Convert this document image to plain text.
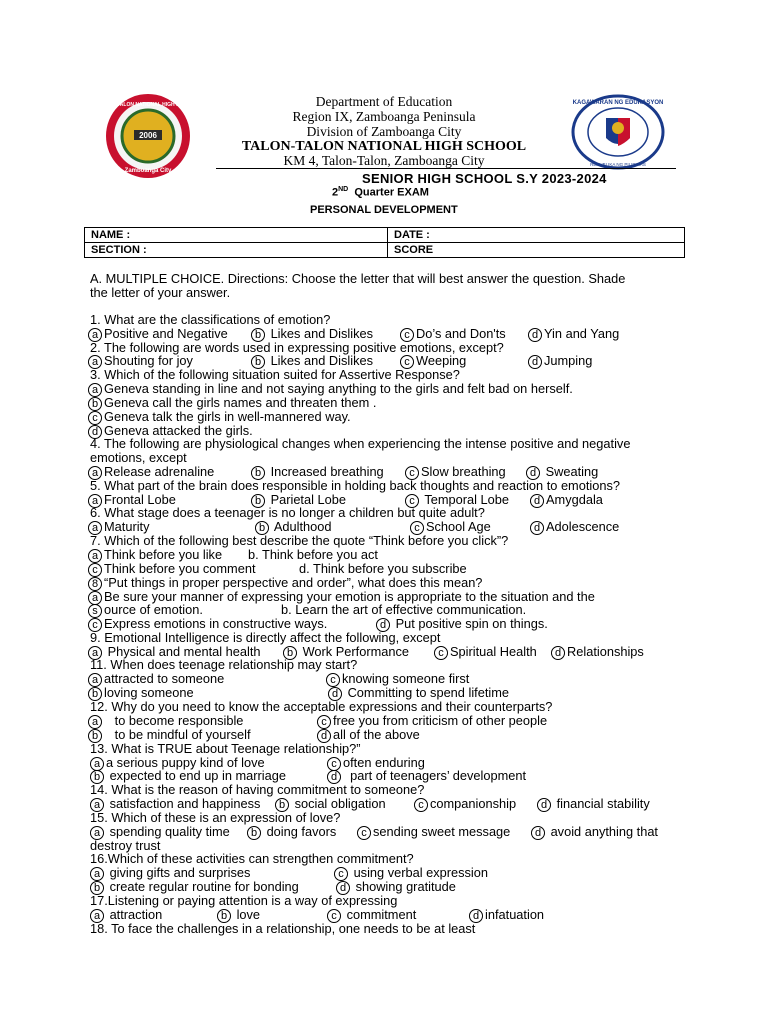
2006
TALON-TALON NATIONAL HIGH SCHOOL
Zamboanga City
KAGAWARAN NG EDUKASYON
REPUBLIKA NG PILIPINAS
Department of Education
Region IX, Zamboanga Peninsula
Division of Zamboanga City
TALON-TALON NATIONAL HIGH SCHOOL
KM 4, Talon-Talon, Zamboanga City
SENIOR HIGH SCHOOL S.Y 2023-2024
2ND Quarter EXAM
PERSONAL DEVELOPMENT
NAME :	DATE :
SECTION :	SCORE
A. MULTIPLE CHOICE. Directions: Choose the letter that will best answer the question. Shade
the letter of your answer.
1. What are the classifications of emotion?
a Positive and Negative	b Likes and Dislikes	c Do’s and Don'ts	d Yin and Yang
2. The following are words used in expressing positive emotions, except?
a Shouting for joy	b Likes and Dislikes	c Weeping	d Jumping
3. Which of the following situation suited for Assertive Response?
a Geneva standing in line and not saying anything to the girls and felt bad on herself.
b Geneva call the girls names and threaten them .
c Geneva talk the girls in well-mannered way.
d Geneva attacked the girls.
4. The following are physiological changes when experiencing the intense positive and negative
emotions, except
a Release adrenaline	b Increased breathing	c Slow breathing	d Sweating
5. What part of the brain does responsible in holding back thoughts and reaction to emotions?
a Frontal Lobe	b Parietal Lobe	c Temporal Lobe	d Amygdala
6. What stage does a teenager is no longer a children but quite adult?
a Maturity	b Adulthood	c School Age	d Adolescence
7. Which of the following best describe the quote “Think before you click”?
a Think before you like b. Think before you act
c Think before you comment	d. Think before you subscribe
8 “Put things in proper perspective and order”, what does this mean?
a Be sure your manner of expressing your emotion is appropriate to the situation and the
s ource of emotion.	b. Learn the art of effective communication.
c Express emotions in constructive ways.	d Put positive spin on things.
9. Emotional Intelligence is directly affect the following, except
a Physical and mental health	b Work Performance	c Spiritual Health	d Relationships
11. When does teenage relationship may start?
a attracted to someone	c knowing someone first
b loving someone	d Committing to spend lifetime
12. Why do you need to know the acceptable expressions and their counterparts?
a to become responsible	c free you from criticism of other people
b to be mindful of yourself	d all of the above
13. What is TRUE about Teenage relationship?”
a a serious puppy kind of love	c often enduring
b expected to end up in marriage	d part of teenagers’ development
14. What is the reason of having commitment to someone?
a satisfaction and happiness	b social obligation	c companionship	d financial stability
15. Which of these is an expression of love?
a spending quality time	b doing favors	c sending sweet message	d avoid anything that
destroy trust
16.Which of these activities can strengthen commitment?
a giving gifts and surprises	c using verbal expression
b create regular routine for bonding	d showing gratitude
17.Listening or paying attention is a way of expressing
a attraction	b love	c commitment	d infatuation
18. To face the challenges in a relationship, one needs to be at least
